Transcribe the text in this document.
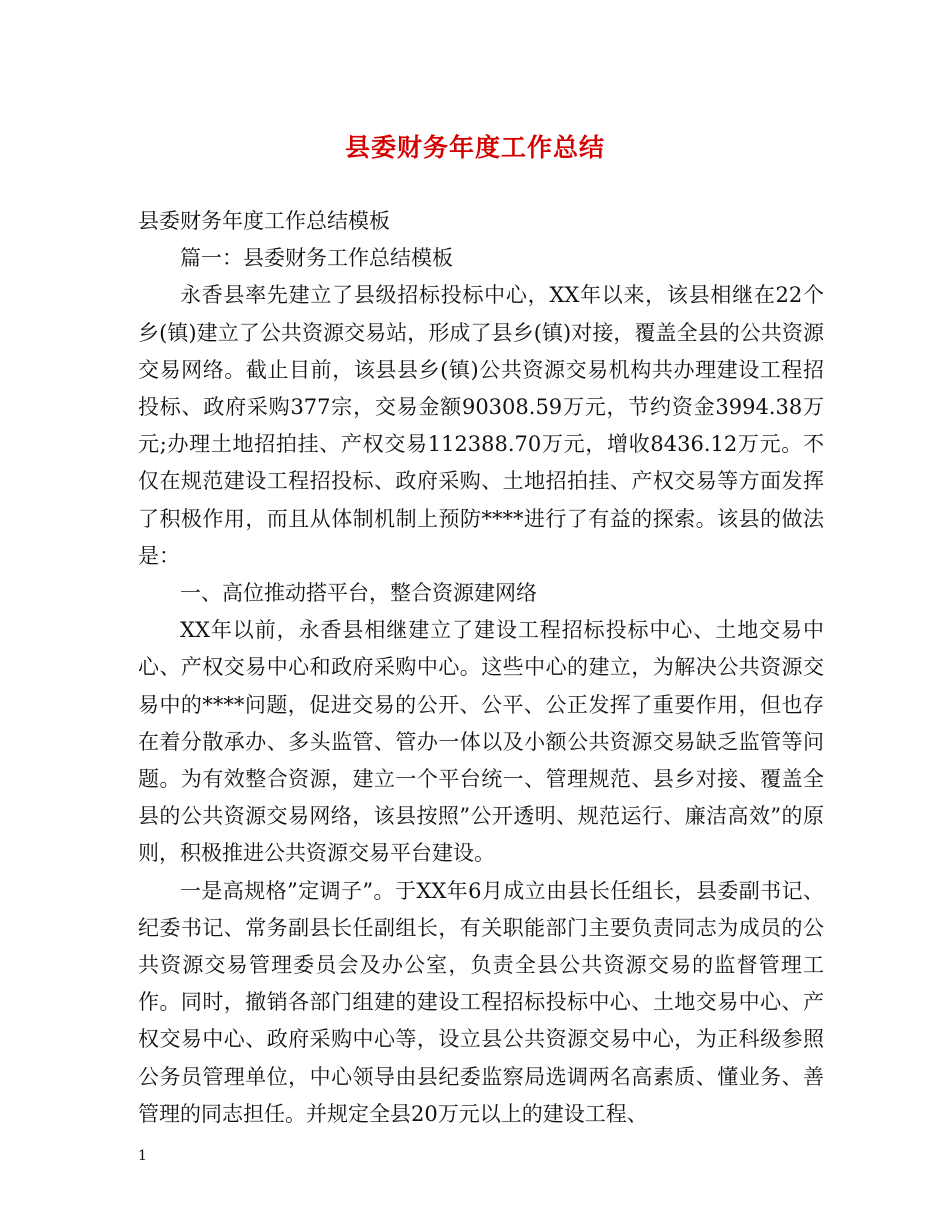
县委财务年度工作总结

县委财务年度工作总结模板

篇一：县委财务工作总结模板

永香县率先建立了县级招标投标中心，XX年以来，该县相继在22个乡(镇)建立了公共资源交易站，形成了县乡(镇)对接，覆盖全县的公共资源交易网络。截止目前，该县县乡(镇)公共资源交易机构共办理建设工程招投标、政府采购377宗，交易金额90308.59万元，节约资金3994.38万元;办理土地招拍挂、产权交易112388.70万元，增收8436.12万元。不仅在规范建设工程招投标、政府采购、土地招拍挂、产权交易等方面发挥了积极作用，而且从体制机制上预防****进行了有益的探索。该县的做法是：

一、高位推动搭平台，整合资源建网络

XX年以前，永香县相继建立了建设工程招标投标中心、土地交易中心、产权交易中心和政府采购中心。这些中心的建立，为解决公共资源交易中的****问题，促进交易的公开、公平、公正发挥了重要作用，但也存在着分散承办、多头监管、管办一体以及小额公共资源交易缺乏监管等问题。为有效整合资源，建立一个平台统一、管理规范、县乡对接、覆盖全县的公共资源交易网络，该县按照”公开透明、规范运行、廉洁高效”的原则，积极推进公共资源交易平台建设。

一是高规格”定调子”。于XX年6月成立由县长任组长，县委副书记、纪委书记、常务副县长任副组长，有关职能部门主要负责同志为成员的公共资源交易管理委员会及办公室，负责全县公共资源交易的监督管理工作。同时，撤销各部门组建的建设工程招标投标中心、土地交易中心、产权交易中心、政府采购中心等，设立县公共资源交易中心，为正科级参照公务员管理单位，中心领导由县纪委监察局选调两名高素质、懂业务、善管理的同志担任。并规定全县20万元以上的建设工程、

1
